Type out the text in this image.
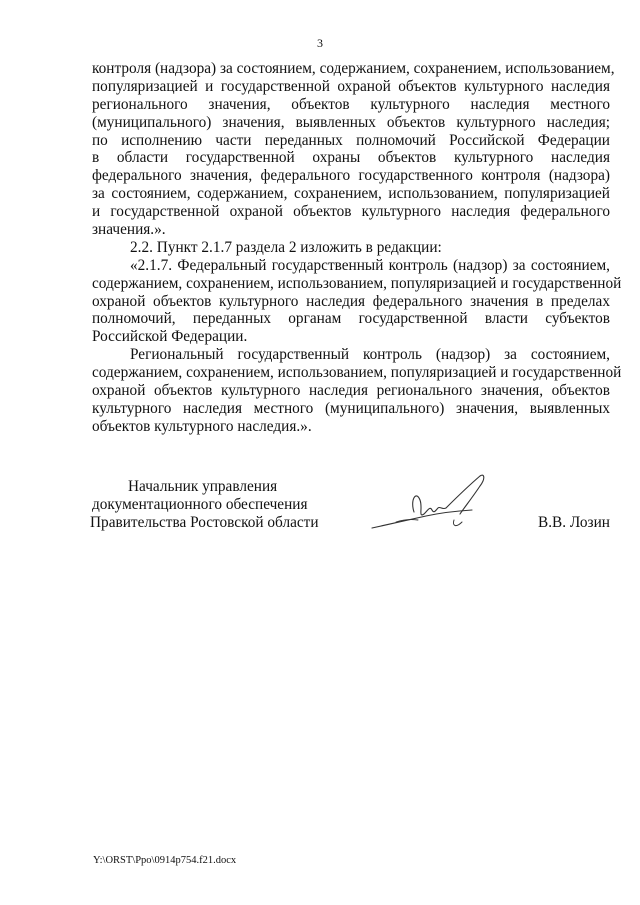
3
контроля (надзора) за состоянием, содержанием, сохранением, использованием,
популяризацией и государственной охраной объектов культурного наследия
регионального значения, объектов культурного наследия местного
(муниципального) значения, выявленных объектов культурного наследия;
по исполнению части переданных полномочий Российской Федерации
в области государственной охраны объектов культурного наследия
федерального значения, федерального государственного контроля (надзора)
за состоянием, содержанием, сохранением, использованием, популяризацией
и государственной охраной объектов культурного наследия федерального
значения.».
2.2. Пункт 2.1.7 раздела 2 изложить в редакции:
«2.1.7. Федеральный государственный контроль (надзор) за состоянием,
содержанием, сохранением, использованием, популяризацией и государственной
охраной объектов культурного наследия федерального значения в пределах
полномочий, переданных органам государственной власти субъектов
Российской Федерации.
Региональный государственный контроль (надзор) за состоянием,
содержанием, сохранением, использованием, популяризацией и государственной
охраной объектов культурного наследия регионального значения, объектов
культурного наследия местного (муниципального) значения, выявленных
объектов культурного наследия.».
Начальник управления
документационного обеспечения
Правительства Ростовской области	В.В. Лозин
Y:\ORST\Ppo\0914p754.f21.docx
